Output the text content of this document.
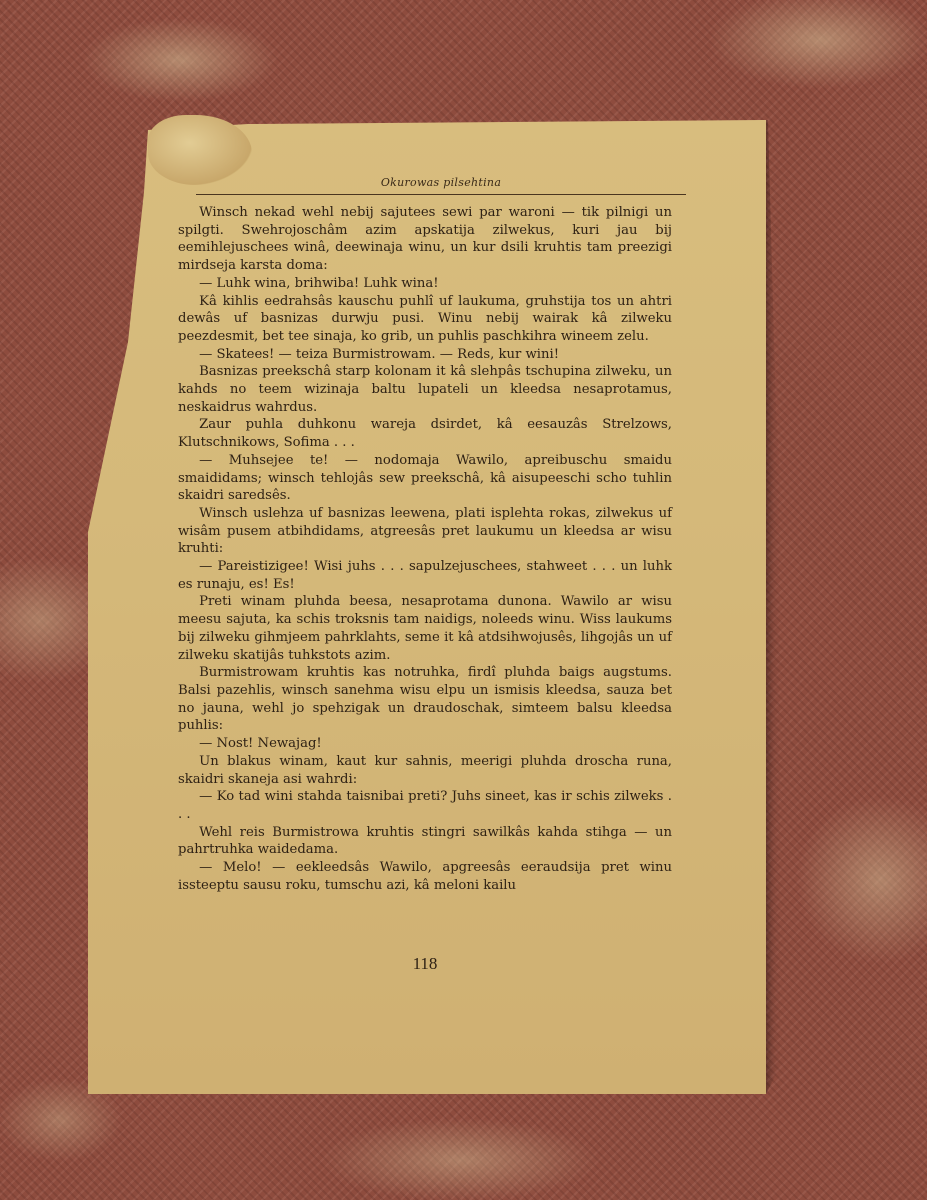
Okurowas pilsehtina

Winsch nekad wehl nebij sajutees sewi par waroni — tik pilnigi un spilgti. Swehrojoschâm azim apskatija zilwekus, kuri jau bij eemihlejuschees winâ, deewinaja winu, un kur dsili kruhtis tam preezigi mirdseja karsta doma:

— Luhk wina, brihwiba! Luhk wina!

Kâ kihlis eedrahsâs kauschu puhlî uf laukuma, gruhstija tos un ahtri dewâs uf basnizas durwju pusi. Winu nebij wairak kâ zilweku peezdesmit, bet tee sinaja, ko grib, un puhlis paschkihra wineem zelu.

— Skatees! — teiza Burmistrowam. — Reds, kur wini!

Basnizas preekschâ starp kolonam it kâ slehpâs tschupina zilweku, un kahds no teem wizinaja baltu lupateli un kleedsa nesaprotamus, neskaidrus wahrdus.

Zaur puhla duhkonu wareja dsirdet, kâ eesauzâs Strelzows, Klutschnikows, Sofima . . .

— Muhsejee te! — nodomaja Wawilo, apreibuschu smaidu smaididams; winsch tehlojâs sew preekschâ, kâ aisupeeschi scho tuhlin skaidri saredsês.

Winsch uslehza uf basnizas leewena, plati isplehta rokas, zilwekus uf wisâm pusem atbihdidams, atgreesâs pret laukumu un kleedsa ar wisu kruhti:

— Pareistizigee! Wisi juhs . . . sapulzejuschees, stahweet . . . un luhk es runaju, es! Es!

Preti winam pluhda beesa, nesaprotama dunona. Wawilo ar wisu meesu sajuta, ka schis troksnis tam naidigs, noleeds winu. Wiss laukums bij zilweku gihmjeem pahrklahts, seme it kâ atdsihwojusês, lihgojâs un uf zilweku skatijâs tuhkstots azim.

Burmistrowam kruhtis kas notruhka, firdî pluhda baigs augstums. Balsi pazehlis, winsch sanehma wisu elpu un ismisis kleedsa, sauza bet no jauna, wehl jo spehzigak un draudoschak, simteem balsu kleedsa puhlis:

— Nost! Newajag!

Un blakus winam, kaut kur sahnis, meerigi pluhda droscha runa, skaidri skaneja asi wahrdi:

— Ko tad wini stahda taisnibai preti? Juhs sineet, kas ir schis zilweks . . .

Wehl reis Burmistrowa kruhtis stingri sawilkâs kahda stihga — un pahrtruhka waidedama.

— Melo! — eekleedsâs Wawilo, apgreesâs eeraudsija pret winu issteeptu sausu roku, tumschu azi, kâ meloni kailu

118
